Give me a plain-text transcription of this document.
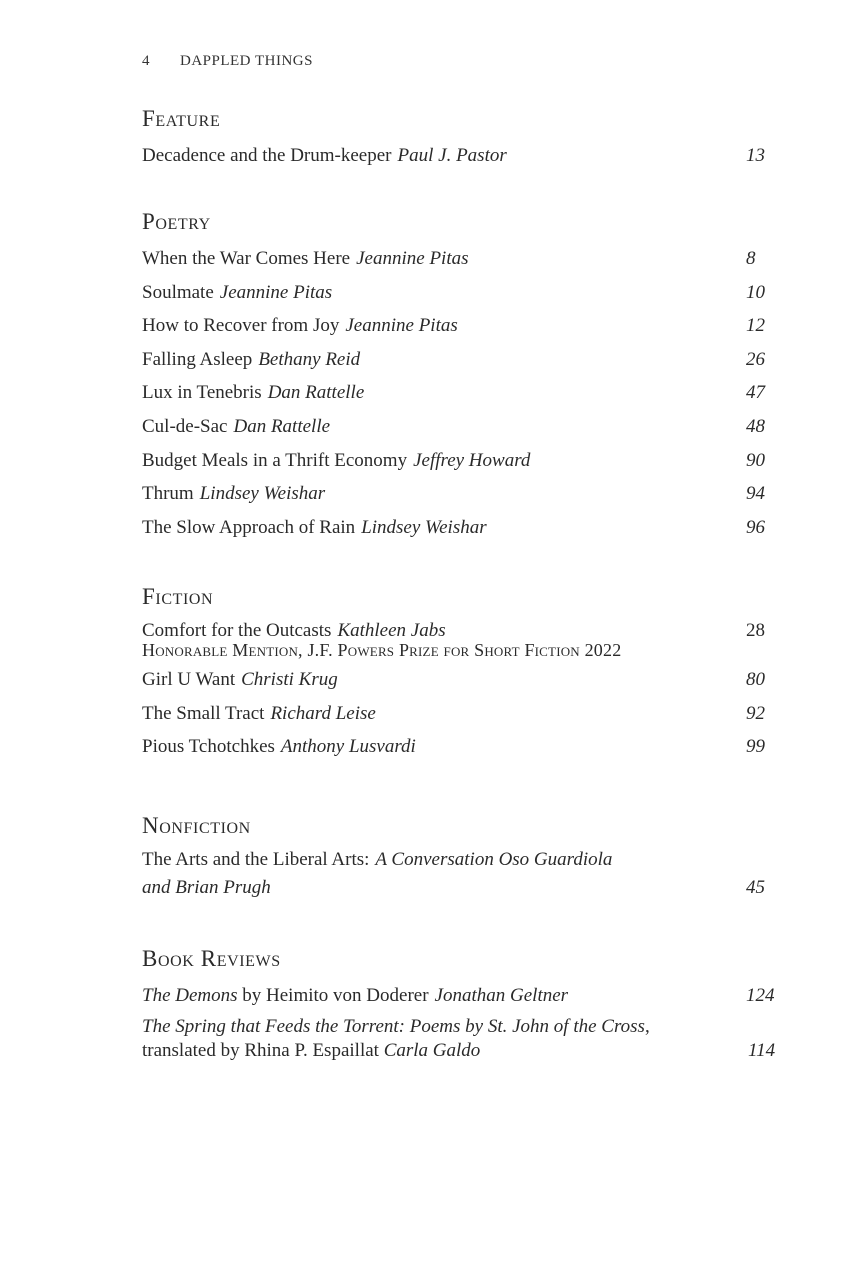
4 DAPPLED THINGS
Feature
Decadence and the Drum-keeper Paul J. Pastor	13
Poetry
When the War Comes Here Jeannine Pitas	8
Soulmate Jeannine Pitas	10
How to Recover from Joy Jeannine Pitas	12
Falling Asleep Bethany Reid	26
Lux in Tenebris Dan Rattelle	47
Cul-de-Sac Dan Rattelle	48
Budget Meals in a Thrift Economy Jeffrey Howard	90
Thrum Lindsey Weishar	94
The Slow Approach of Rain Lindsey Weishar	96
Fiction
Comfort for the Outcasts Kathleen Jabs	28
Honorable Mention, J.F. Powers Prize for Short Fiction 2022
Girl U Want Christi Krug	80
The Small Tract Richard Leise	92
Pious Tchotchkes Anthony Lusvardi	99
Nonfiction
The Arts and the Liberal Arts: A Conversation Oso Guardiola
and Brian Prugh	45
Book Reviews
The Demons by Heimito von Doderer Jonathan Geltner	124
The Spring that Feeds the Torrent: Poems by St. John of the Cross,
translated by Rhina P. Espaillat Carla Galdo	114
